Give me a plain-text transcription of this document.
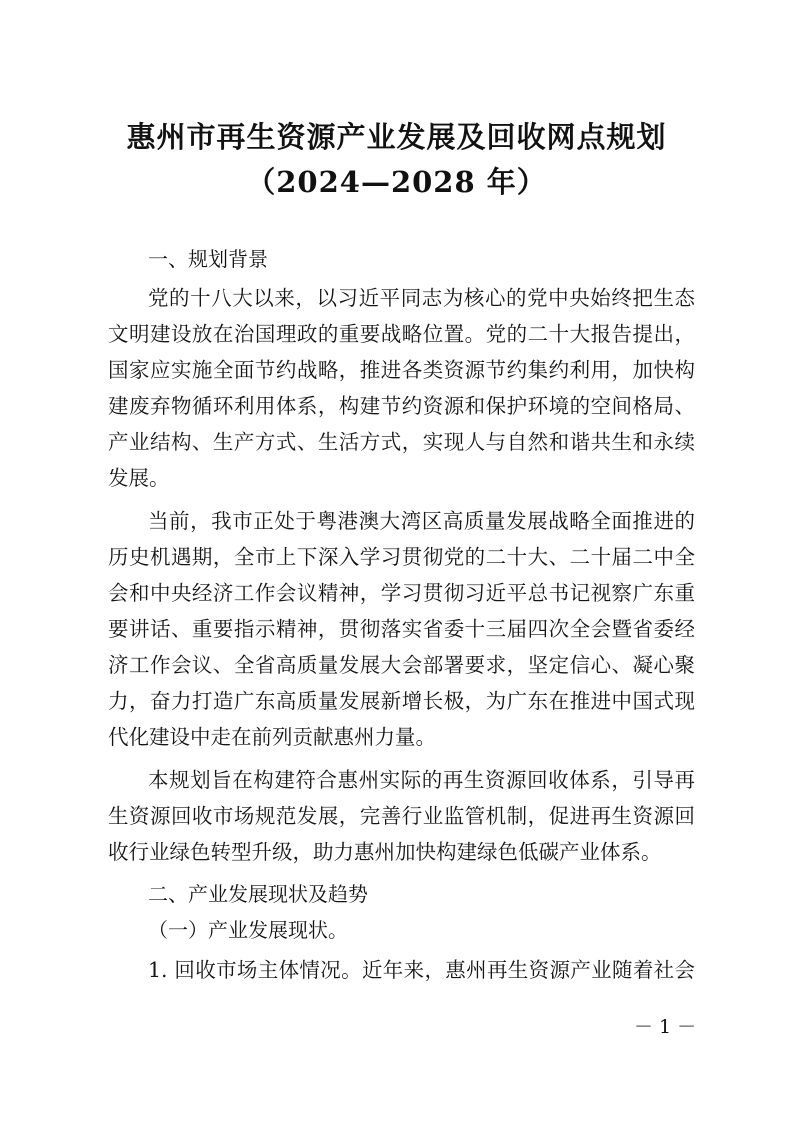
惠州市再生资源产业发展及回收网点规划
（2024—2028 年）
一、规划背景
党的十八大以来，以习近平同志为核心的党中央始终把生态
文明建设放在治国理政的重要战略位置。党的二十大报告提出，
国家应实施全面节约战略，推进各类资源节约集约利用，加快构
建废弃物循环利用体系，构建节约资源和保护环境的空间格局、
产业结构、生产方式、生活方式，实现人与自然和谐共生和永续
发展。
当前，我市正处于粤港澳大湾区高质量发展战略全面推进的
历史机遇期，全市上下深入学习贯彻党的二十大、二十届二中全
会和中央经济工作会议精神，学习贯彻习近平总书记视察广东重
要讲话、重要指示精神，贯彻落实省委十三届四次全会暨省委经
济工作会议、全省高质量发展大会部署要求，坚定信心、凝心聚
力，奋力打造广东高质量发展新增长极，为广东在推进中国式现
代化建设中走在前列贡献惠州力量。
本规划旨在构建符合惠州实际的再生资源回收体系，引导再
生资源回收市场规范发展，完善行业监管机制，促进再生资源回
收行业绿色转型升级，助力惠州加快构建绿色低碳产业体系。
二、产业发展现状及趋势
（一）产业发展现状。
1. 回收市场主体情况。近年来，惠州再生资源产业随着社会
－ 1 －
